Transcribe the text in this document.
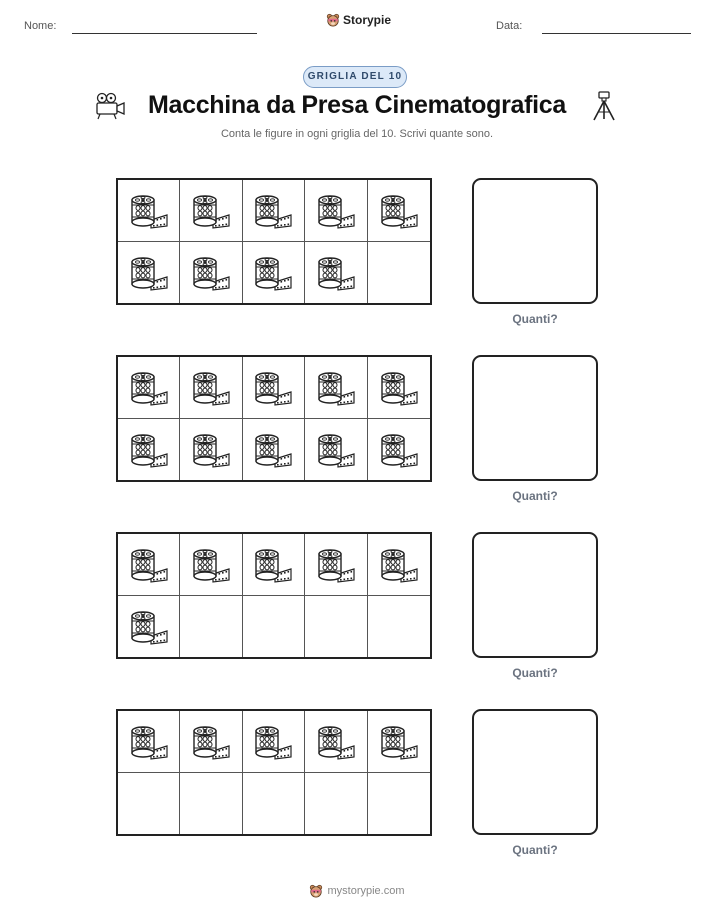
Nome:	Storypie	Data:
GRIGLIA DEL 10
Macchina da Presa Cinematografica
Conta le figure in ogni griglia del 10. Scrivi quante sono.
Quanti?
Quanti?
Quanti?
Quanti?
mystorypie.com
